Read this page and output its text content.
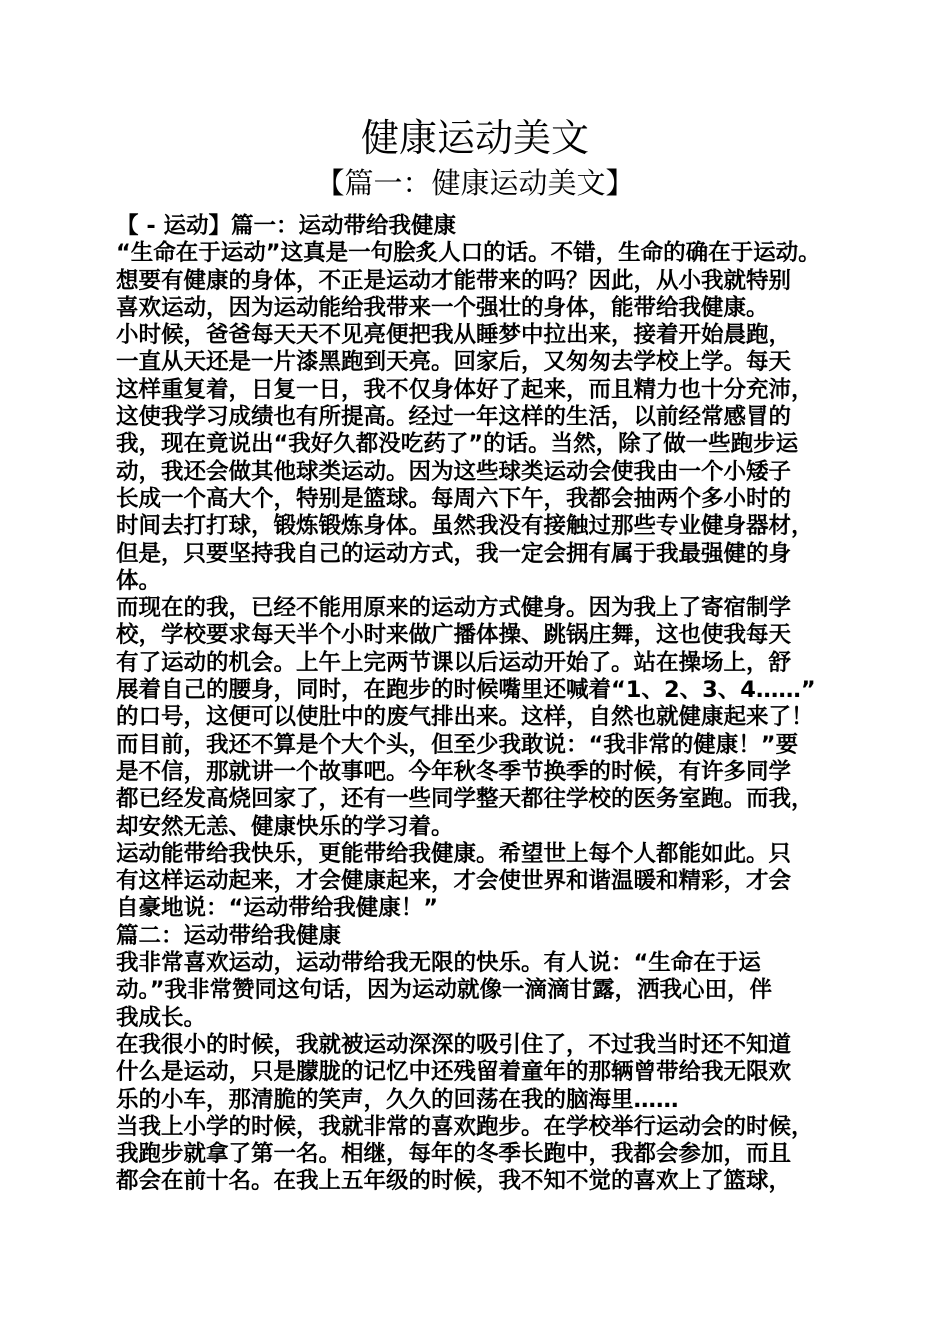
健康运动美文
【篇一：健康运动美文】
【 - 运动】篇一：运动带给我健康
“生命在于运动”这真是一句脍炙人口的话。不错，生命的确在于运动。
想要有健康的身体，不正是运动才能带来的吗？因此，从小我就特别
喜欢运动，因为运动能给我带来一个强壮的身体，能带给我健康。
小时候，爸爸每天天不见亮便把我从睡梦中拉出来，接着开始晨跑，
一直从天还是一片漆黑跑到天亮。回家后，又匆匆去学校上学。每天
这样重复着，日复一日，我不仅身体好了起来，而且精力也十分充沛，
这使我学习成绩也有所提高。经过一年这样的生活，以前经常感冒的
我，现在竟说出“我好久都没吃药了”的话。当然，除了做一些跑步运
动，我还会做其他球类运动。因为这些球类运动会使我由一个小矮子
长成一个高大个，特别是篮球。每周六下午，我都会抽两个多小时的
时间去打打球，锻炼锻炼身体。虽然我没有接触过那些专业健身器材，
但是，只要坚持我自己的运动方式，我一定会拥有属于我最强健的身
体。
而现在的我，已经不能用原来的运动方式健身。因为我上了寄宿制学
校，学校要求每天半个小时来做广播体操、跳锅庄舞，这也使我每天
有了运动的机会。上午上完两节课以后运动开始了。站在操场上，舒
展着自己的腰身，同时，在跑步的时候嘴里还喊着“1、2、3、4……”
的口号，这便可以使肚中的废气排出来。这样，自然也就健康起来了！
而目前，我还不算是个大个头，但至少我敢说：“我非常的健康！”要
是不信，那就讲一个故事吧。今年秋冬季节换季的时候，有许多同学
都已经发高烧回家了，还有一些同学整天都往学校的医务室跑。而我，
却安然无恙、健康快乐的学习着。
运动能带给我快乐，更能带给我健康。希望世上每个人都能如此。只
有这样运动起来，才会健康起来，才会使世界和谐温暖和精彩，才会
自豪地说：“运动带给我健康！”
篇二：运动带给我健康
我非常喜欢运动，运动带给我无限的快乐。有人说：“生命在于运
动。”我非常赞同这句话，因为运动就像一滴滴甘露，洒我心田，伴
我成长。
在我很小的时候，我就被运动深深的吸引住了，不过我当时还不知道
什么是运动，只是朦胧的记忆中还残留着童年的那辆曾带给我无限欢
乐的小车，那清脆的笑声，久久的回荡在我的脑海里……
当我上小学的时候，我就非常的喜欢跑步。在学校举行运动会的时候，
我跑步就拿了第一名。相继，每年的冬季长跑中，我都会参加，而且
都会在前十名。在我上五年级的时候，我不知不觉的喜欢上了篮球，
